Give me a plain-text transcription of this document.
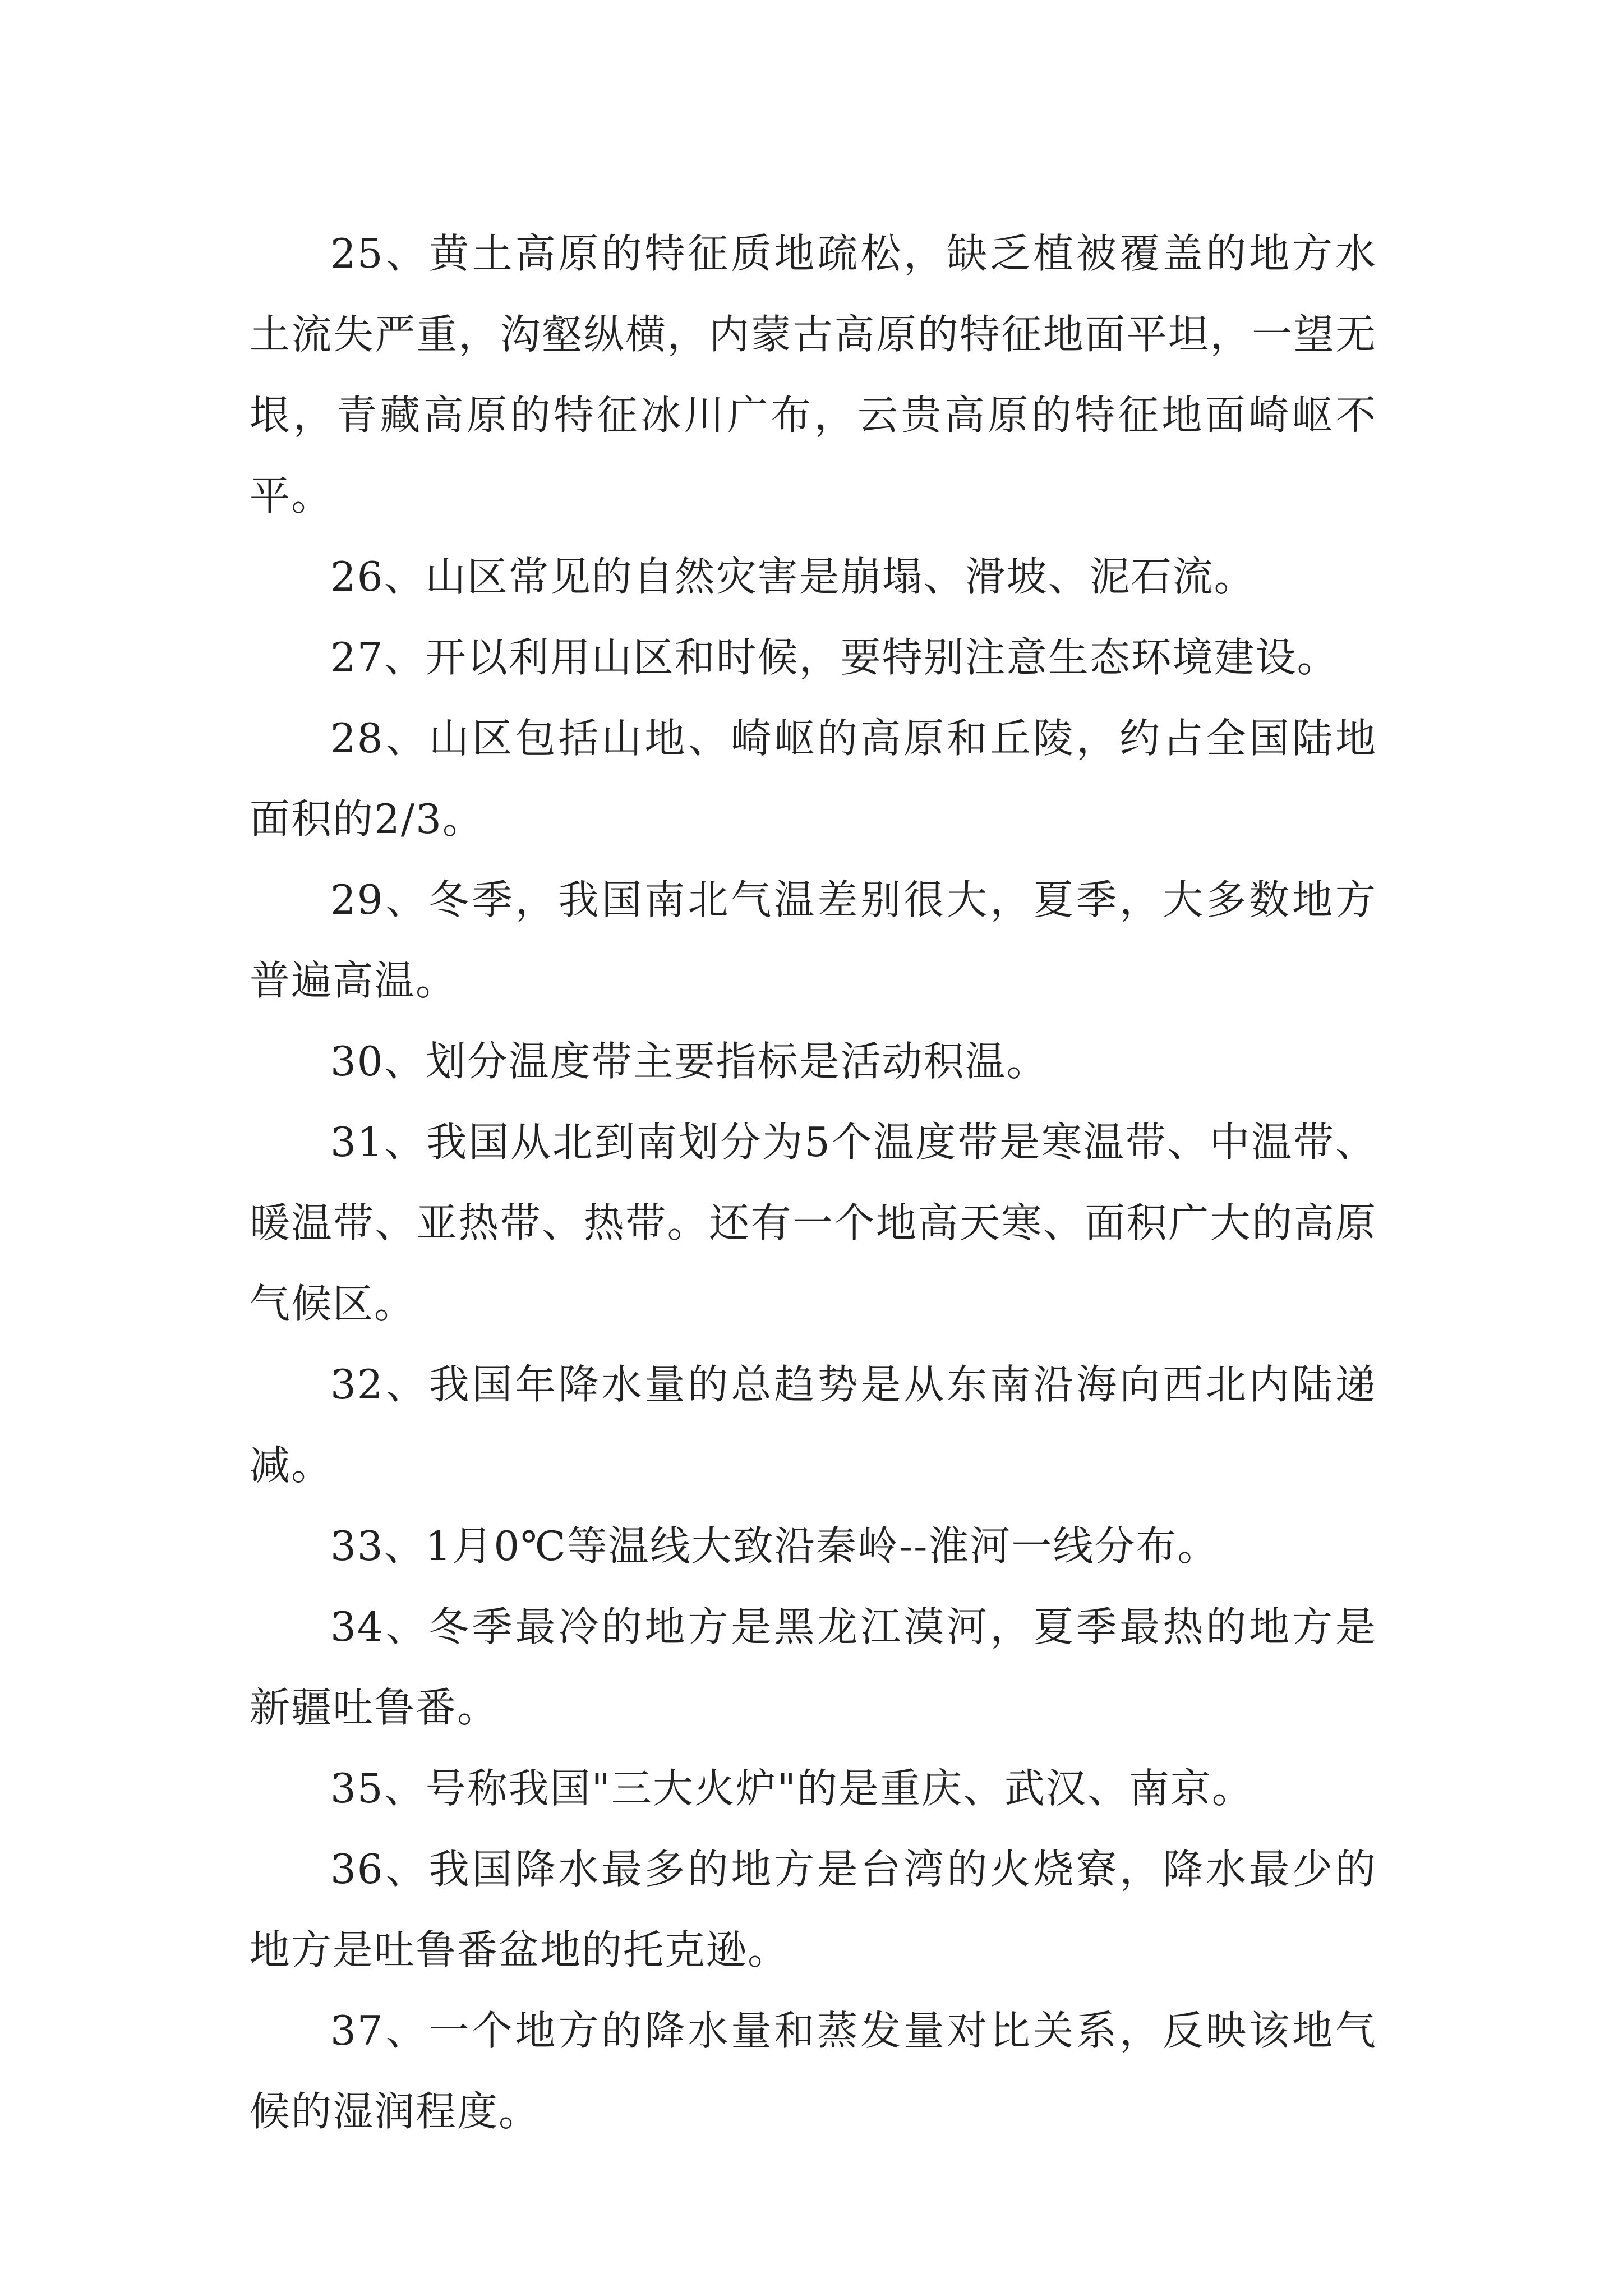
25、黄土高原的特征质地疏松，缺乏植被覆盖的地方水土流失严重，沟壑纵横，内蒙古高原的特征地面平坦，一望无垠，青藏高原的特征冰川广布，云贵高原的特征地面崎岖不平。

26、山区常见的自然灾害是崩塌、滑坡、泥石流。

27、开以利用山区和时候，要特别注意生态环境建设。

28、山区包括山地、崎岖的高原和丘陵，约占全国陆地面积的2/3。

29、冬季，我国南北气温差别很大，夏季，大多数地方普遍高温。

30、划分温度带主要指标是活动积温。

31、我国从北到南划分为5个温度带是寒温带、中温带、暖温带、亚热带、热带。还有一个地高天寒、面积广大的高原气候区。

32、我国年降水量的总趋势是从东南沿海向西北内陆递减。

33、1月0℃等温线大致沿秦岭--淮河一线分布。

34、冬季最冷的地方是黑龙江漠河，夏季最热的地方是新疆吐鲁番。

35、号称我国"三大火炉"的是重庆、武汉、南京。

36、我国降水最多的地方是台湾的火烧寮，降水最少的地方是吐鲁番盆地的托克逊。

37、一个地方的降水量和蒸发量对比关系，反映该地气候的湿润程度。
